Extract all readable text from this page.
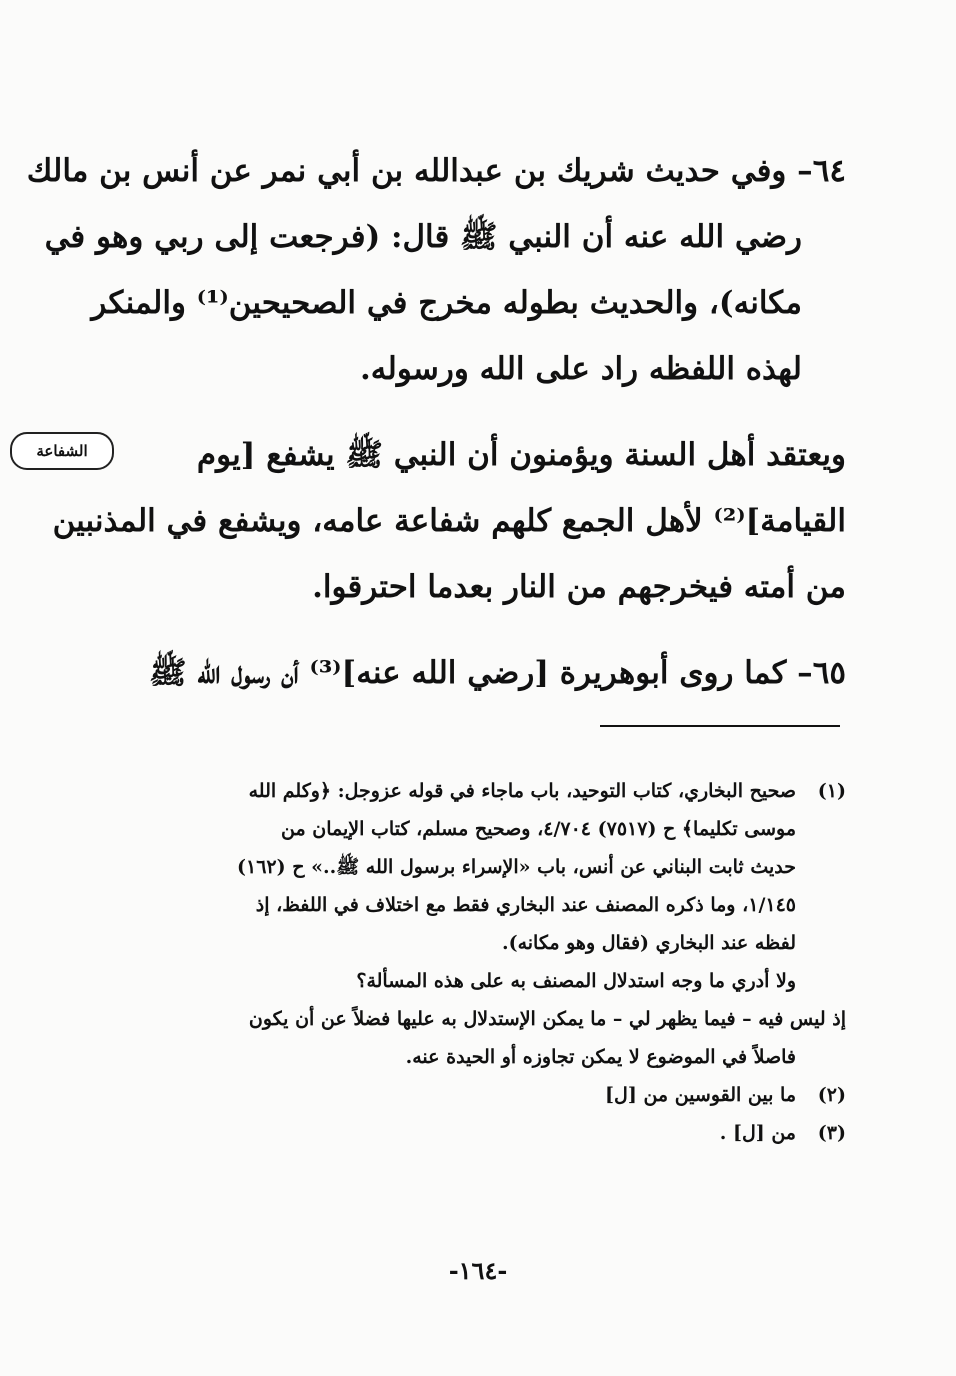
٦٤– وفي حديث شريك بن عبدالله بن أبي نمر عن أنس بن مالك
رضي الله عنه أن النبي ﷺ قال: (فرجعت إلى ربي وهو في
مكانه)، والحديث بطوله مخرج في الصحيحين⁽¹⁾ والمنكر
لهذه اللفظه راد على الله ورسوله.
ويعتقد أهل السنة ويؤمنون أن النبي ﷺ يشفع [يوم
القيامة]⁽²⁾ لأهل الجمع كلهم شفاعة عامه، ويشفع في المذنبين
من أمته فيخرجهم من النار بعدما احترقوا.
٦٥– كما روى أبوهريرة [رضي الله عنه]⁽³⁾ أن رسول الله ﷺ
الشفاعة
(١)
صحيح البخاري، كتاب التوحيد، باب ماجاء في قوله عزوجل: ﴿وكلم الله
موسى تكليما﴾ ح (٧٥١٧) ٤/٧٠٤، وصحيح مسلم، كتاب الإيمان من
حديث ثابت البناني عن أنس، باب «الإسراء برسول الله ﷺ..» ح (١٦٢)
١/١٤٥، وما ذكره المصنف عند البخاري فقط مع اختلاف في اللفظ، إذ
لفظه عند البخاري (فقال وهو مكانه).
ولا أدري ما وجه استدلال المصنف به على هذه المسألة؟
إذ ليس فيه – فيما يظهر لي – ما يمكن الإستدلال به عليها فضلاً عن أن يكون
فاصلاً في الموضوع لا يمكن تجاوزه أو الحيدة عنه.
(٢)
ما بين القوسين من [ل]
(٣)
من [ل] .
-١٦٤-
